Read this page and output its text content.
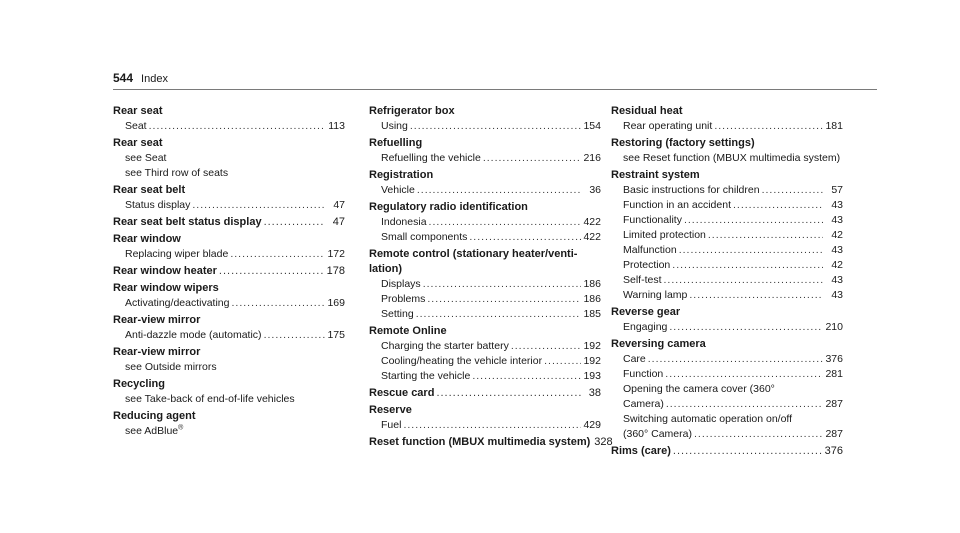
544 Index
Rear seat
Seat .....	113
Rear seat
see Seat
see Third row of seats
Rear seat belt
Status display .....	47
Rear seat belt status display .....	47
Rear window
Replacing wiper blade .....	172
Rear window heater .....	178
Rear window wipers
Activating/deactivating .....	169
Rear-view mirror
Anti-dazzle mode (automatic) .....	175
Rear-view mirror
see Outside mirrors
Recycling
see Take-back of end-of-life vehicles
Reducing agent
see AdBlue®
Refrigerator box
Using .....	154
Refuelling
Refuelling the vehicle .....	216
Registration
Vehicle .....	36
Regulatory radio identification
Indonesia .....	422
Small components .....	422
Remote control (stationary heater/venti-
lation)
Displays .....	186
Problems .....	186
Setting .....	185
Remote Online
Charging the starter battery .....	192
Cooling/heating the vehicle interior .....	192
Starting the vehicle .....	193
Rescue card .....	38
Reserve
Fuel .....	429
Reset function (MBUX multimedia system) 328
Residual heat
Rear operating unit .....	181
Restoring (factory settings)
see Reset function (MBUX multimedia system)
Restraint system
Basic instructions for children .....	57
Function in an accident .....	43
Functionality .....	43
Limited protection .....	42
Malfunction .....	43
Protection .....	42
Self-test .....	43
Warning lamp .....	43
Reverse gear
Engaging .....	210
Reversing camera
Care .....	376
Function .....	281
Opening the camera cover (360°
Camera) .....	287
Switching automatic operation on/off
(360° Camera) .....	287
Rims (care) .....	376
